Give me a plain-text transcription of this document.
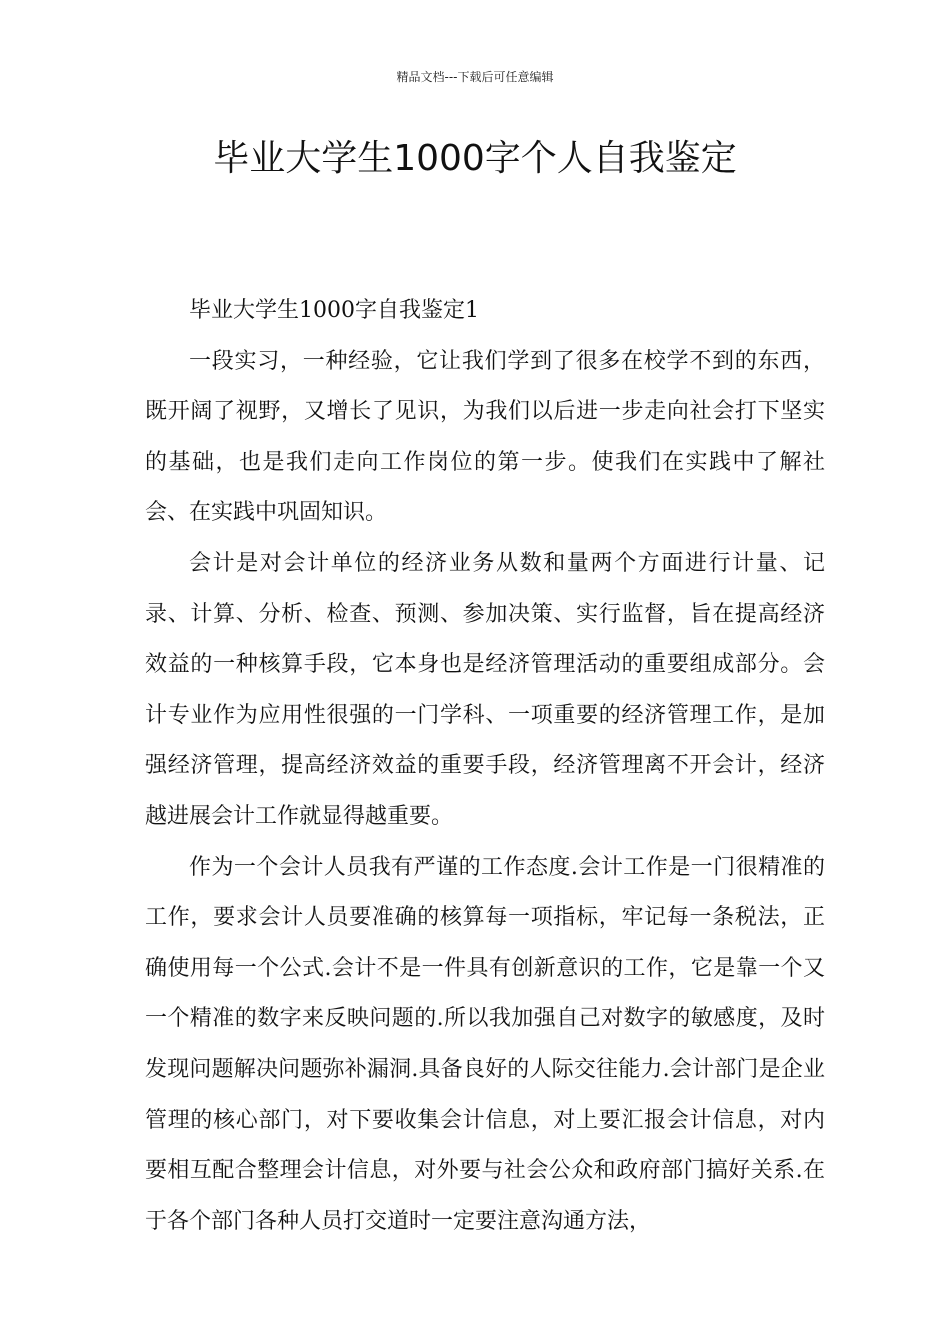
精品文档---下载后可任意编辑
毕业大学生1000字个人自我鉴定
毕业大学生1000字自我鉴定1

一段实习，一种经验，它让我们学到了很多在校学不到的东西，既开阔了视野，又增长了见识，为我们以后进一步走向社会打下坚实的基础，也是我们走向工作岗位的第一步。使我们在实践中了解社会、在实践中巩固知识。

会计是对会计单位的经济业务从数和量两个方面进行计量、记录、计算、分析、检查、预测、参加决策、实行监督，旨在提高经济效益的一种核算手段，它本身也是经济管理活动的重要组成部分。会计专业作为应用性很强的一门学科、一项重要的经济管理工作，是加强经济管理，提高经济效益的重要手段，经济管理离不开会计，经济越进展会计工作就显得越重要。

作为一个会计人员我有严谨的工作态度.会计工作是一门很精准的工作，要求会计人员要准确的核算每一项指标，牢记每一条税法，正确使用每一个公式.会计不是一件具有创新意识的工作，它是靠一个又一个精准的数字来反映问题的.所以我加强自己对数字的敏感度，及时发现问题解决问题弥补漏洞.具备良好的人际交往能力.会计部门是企业管理的核心部门，对下要收集会计信息，对上要汇报会计信息，对内要相互配合整理会计信息，对外要与社会公众和政府部门搞好关系.在于各个部门各种人员打交道时一定要注意沟通方法，
